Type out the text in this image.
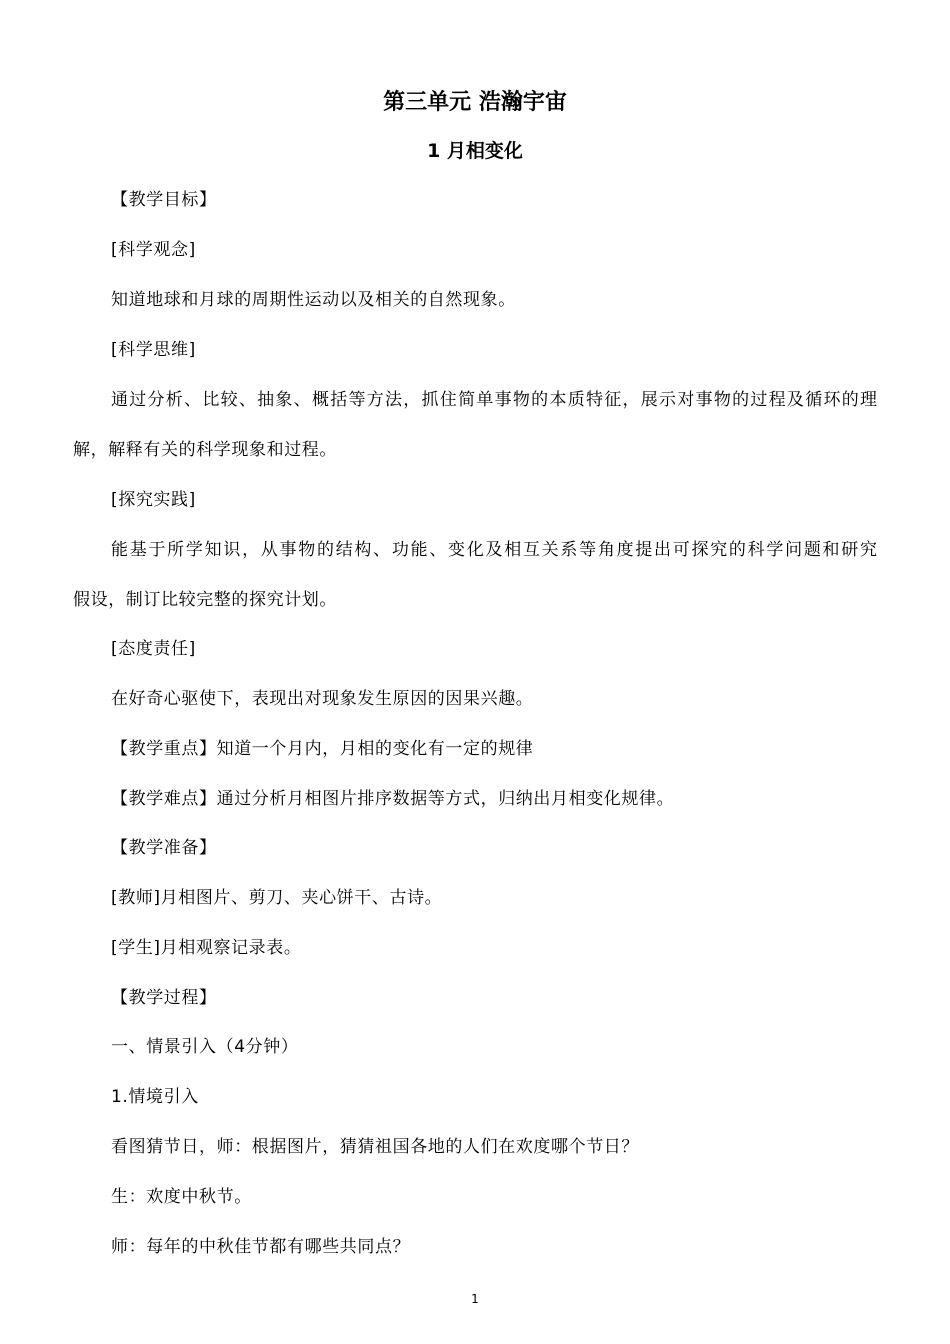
第三单元 浩瀚宇宙
1 月相变化
【教学目标】
[科学观念]
知道地球和月球的周期性运动以及相关的自然现象。
[科学思维]
通过分析、比较、抽象、概括等方法，抓住简单事物的本质特征，展示对事物的过程及循环的理
解，解释有关的科学现象和过程。
[探究实践]
能基于所学知识，从事物的结构、功能、变化及相互关系等角度提出可探究的科学问题和研究
假设，制订比较完整的探究计划。
[态度责任]
在好奇心驱使下，表现出对现象发生原因的因果兴趣。
【教学重点】知道一个月内，月相的变化有一定的规律
【教学难点】通过分析月相图片排序数据等方式，归纳出月相变化规律。
【教学准备】
[教师]月相图片、剪刀、夹心饼干、古诗。
[学生]月相观察记录表。
【教学过程】
一、情景引入（4分钟）
1.情境引入
看图猜节日，师：根据图片，猜猜祖国各地的人们在欢度哪个节日？
生：欢度中秋节。
师：每年的中秋佳节都有哪些共同点？
1
